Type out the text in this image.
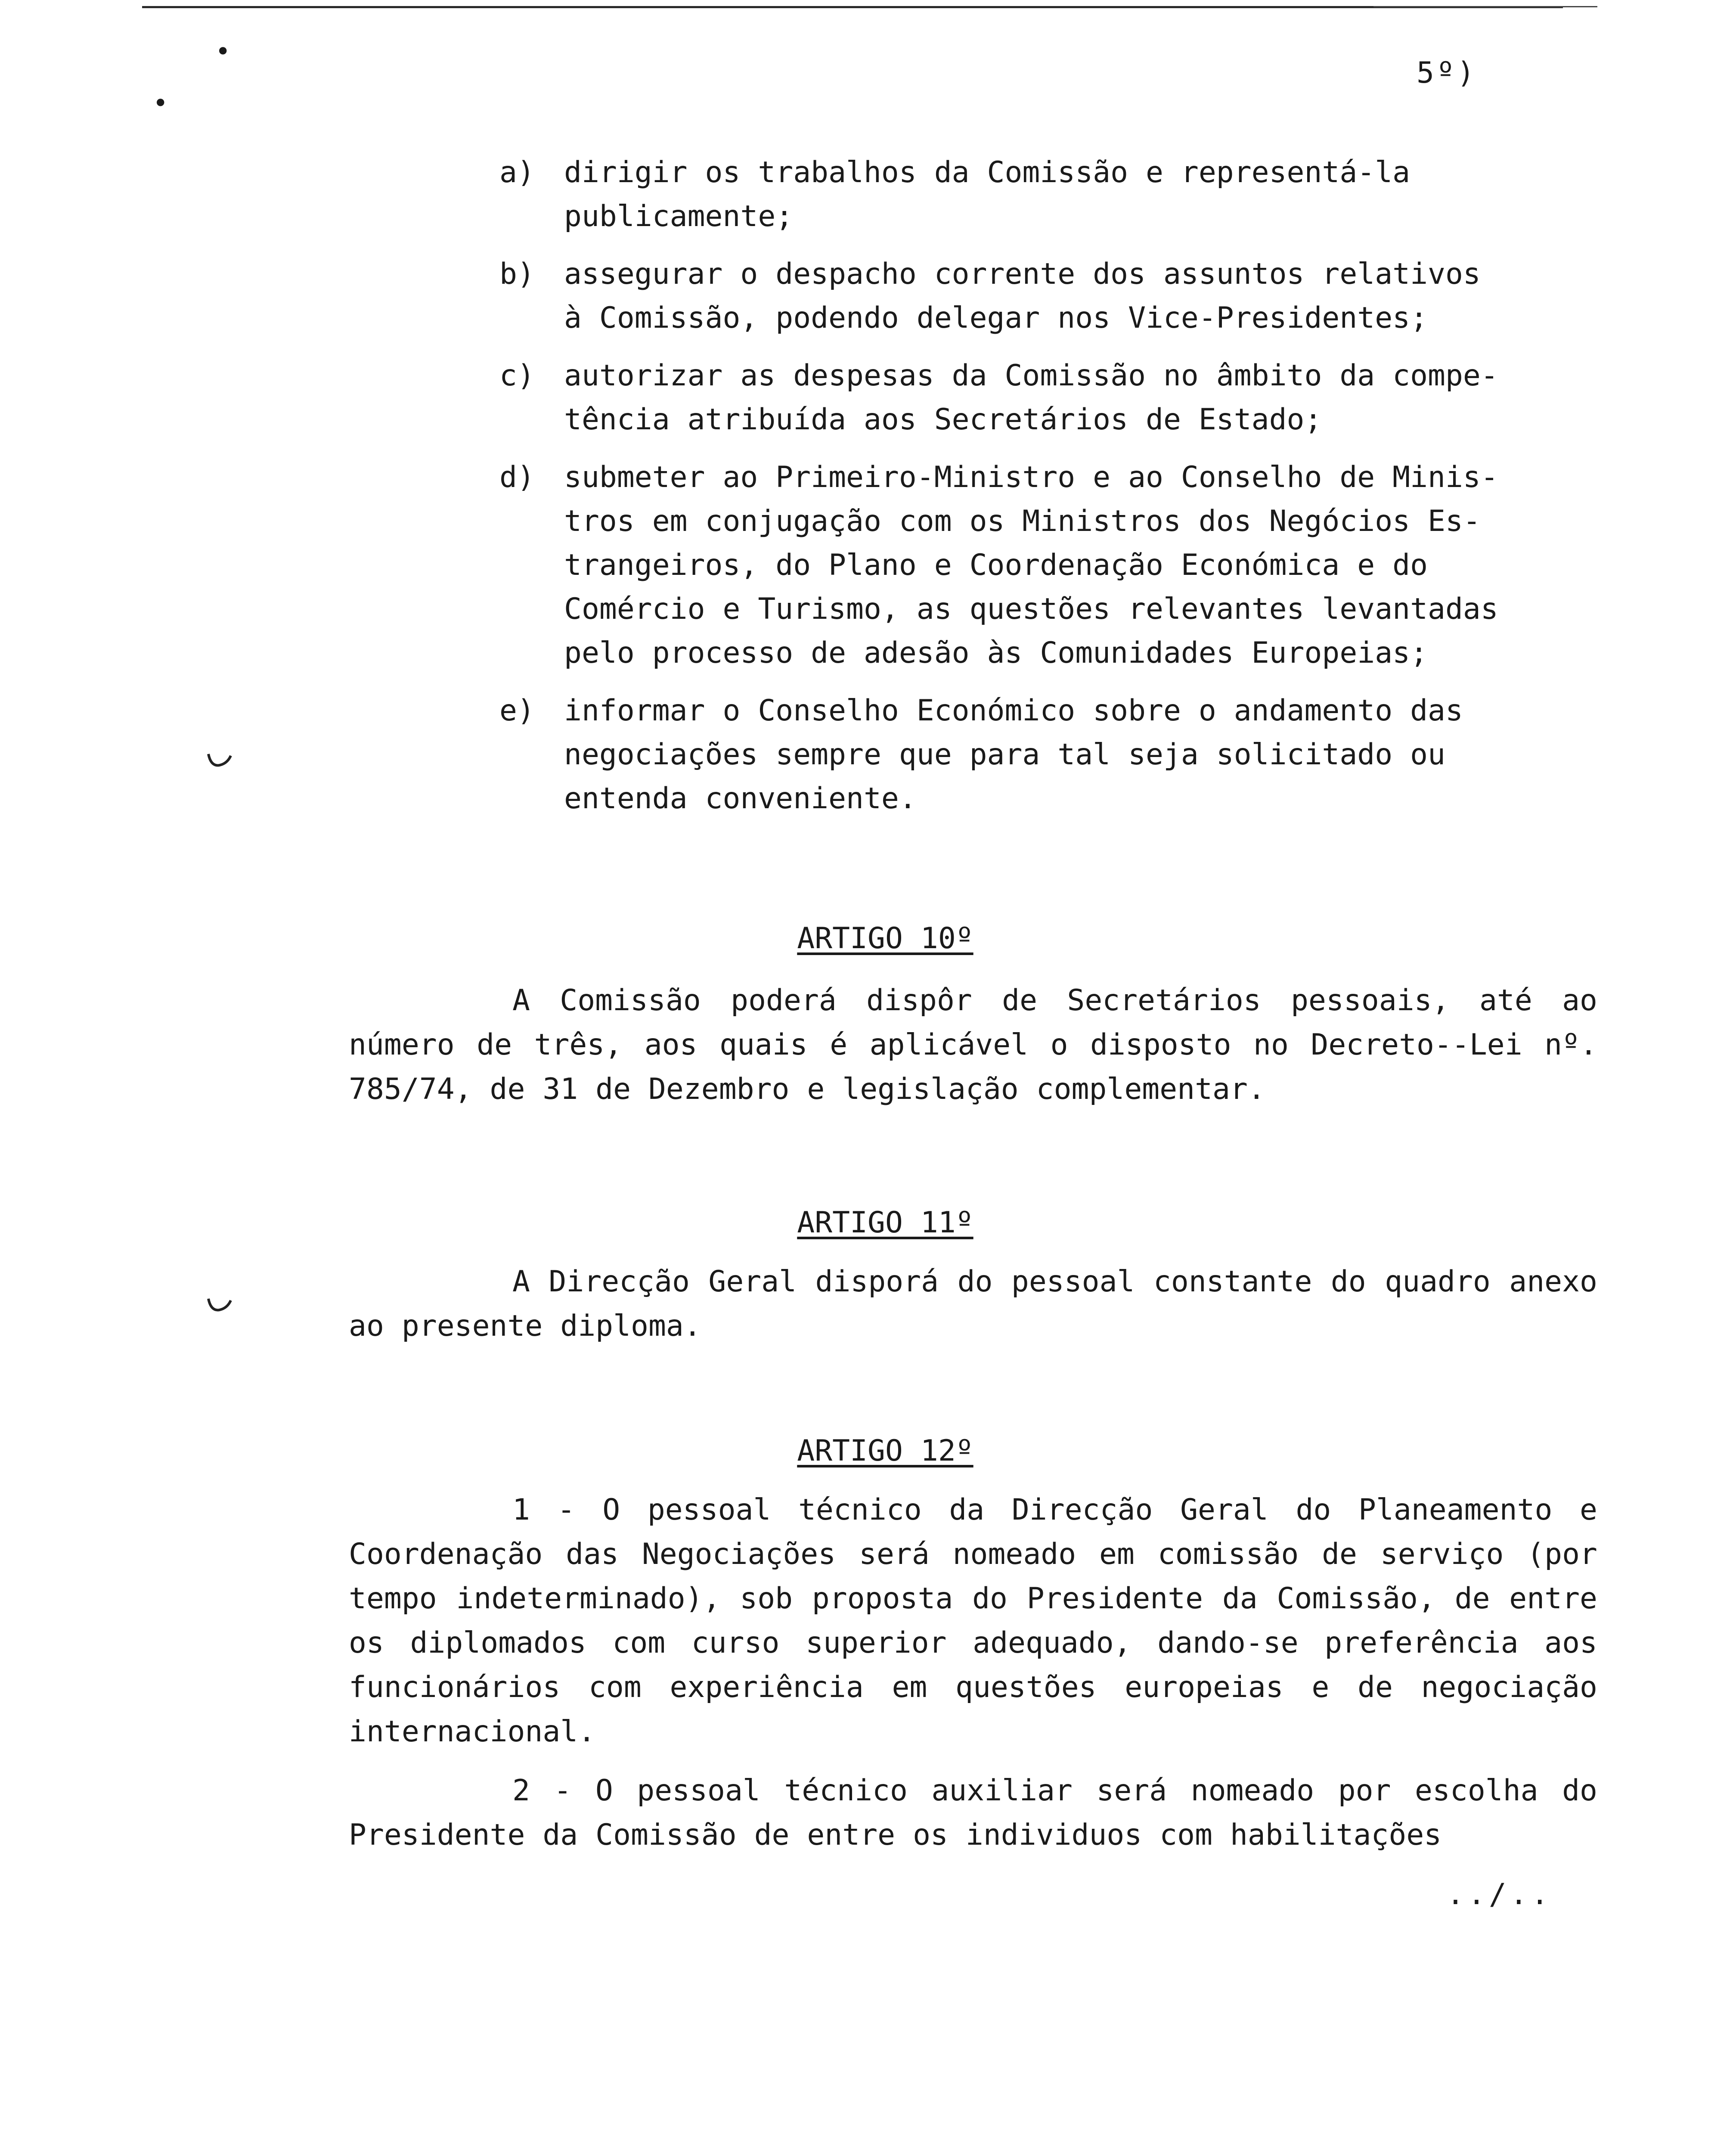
•
•
5º)
a)	dirigir os trabalhos da Comissão e representá-la
publicamente;
b)	assegurar o despacho corrente dos assuntos relativos
à Comissão, podendo delegar nos Vice-Presidentes;
c)	autorizar as despesas da Comissão no âmbito da compe-
tência atribuída aos Secretários de Estado;
d)	submeter ao Primeiro-Ministro e ao Conselho de Minis-
tros em conjugação com os Ministros dos Negócios Es-
trangeiros, do Plano e Coordenação Económica e do
Comércio e Turismo, as questões relevantes levantadas
pelo processo de adesão às Comunidades Europeias;
e)	informar o Conselho Económico sobre o andamento das
negociações sempre que para tal seja solicitado ou
entenda conveniente.
ARTIGO 10º

A Comissão poderá dispôr de Secretários pessoais, até ao número de três, aos quais é aplicável o disposto no Decreto--Lei nº. 785/74, de 31 de Dezembro e legislação complementar.

ARTIGO 11º

A Direcção Geral disporá do pessoal constante do quadro anexo ao presente diploma.

ARTIGO 12º

1 - O pessoal técnico da Direcção Geral do Planeamento e Coordenação das Negociações será nomeado em comissão de serviço (por tempo indeterminado), sob proposta do Presidente da Comissão, de entre os diplomados com curso superior adequado, dando-se preferência aos funcionários com experiência em questões europeias e de negociação internacional.

2 - O pessoal técnico auxiliar será nomeado por escolha do Presidente da Comissão de entre os individuos com habilitações

../..
